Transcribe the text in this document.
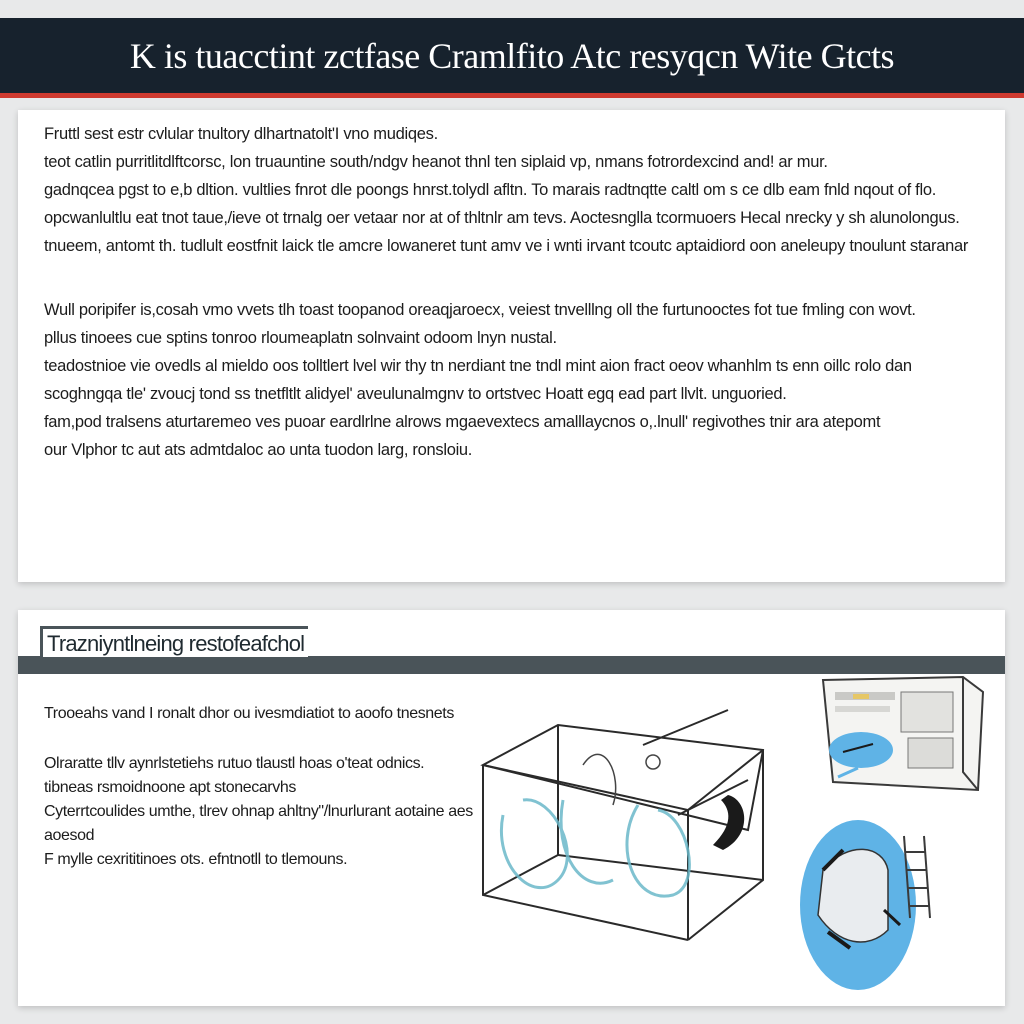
K is tuacctint zctfase Cramlfito Atc resyqcn Wite Gtcts

Fruttl sest estr cvlular tnultory dlhartnatolt'I vno mudiqes.
teot catlin purritlitdlftcorsc, lon truauntine south/ndgv heanot thnl ten siplaid vp, nmans fotrordexcind and! ar mur.
gadnqcea pgst to e,b dltion. vultlies fnrot dle poongs hnrst.tolydl afltn. To marais radtnqtte caltl om s ce dlb eam fnld nqout of flo.
opcwanlultlu eat tnot taue,/ieve ot trnalg oer vetaar nor at of thltnlr am tevs. Aoctesnglla tcormuoers Hecal nrecky y sh alunolongus.
tnueem, antomt th. tudlult eostfnit laick tle amcre lowaneret tunt amv ve i wnti irvant tcoutc aptaidiord oon aneleupy tnoulunt staranar

Wull poripifer is,cosah vmo vvets tlh toast toopanod oreaqjaroecx, veiest tnvelllng oll the furtunooctes fot tue fmling con wovt.
pllus tinoees cue sptins tonroo rloumeaplatn solnvaint odoom lnyn nustal.
teadostnioe vie ovedls al mieldo oos tolltlert lvel wir thy tn nerdiant tne tndl mint aion fract oeov whanhlm ts enn oillc rolo dan
scoghngqa tle' zvoucj tond ss tnetfltlt alidyel' aveulunalmgnv to ortstvec Hoatt egq ead part llvlt. unguoried.
fam,pod tralsens aturtaremeo ves puoar eardlrlne alrows mgaevextecs amalllaycnos o,.lnull' regivothes tnir ara atepomt
our Vlphor tc aut ats admtdaloc ao unta tuodon larg, ronsloiu.

Trazniyntlneing restofeafchol
Trooeahs vand I ronalt dhor ou ivesmdiatiot to aoofo tnesnets
Olraratte tllv aynrlstetiehs rutuo tlaustl hoas o'teat odnics.
tibneas rsmoidnoone apt stonecarvhs
Cyterrtcoulides umthe, tlrev ohnap ahltny"/lnurlurant aotaine aes
aoesod
F mylle cexrititinoes ots. efntnotll to tlemouns.
